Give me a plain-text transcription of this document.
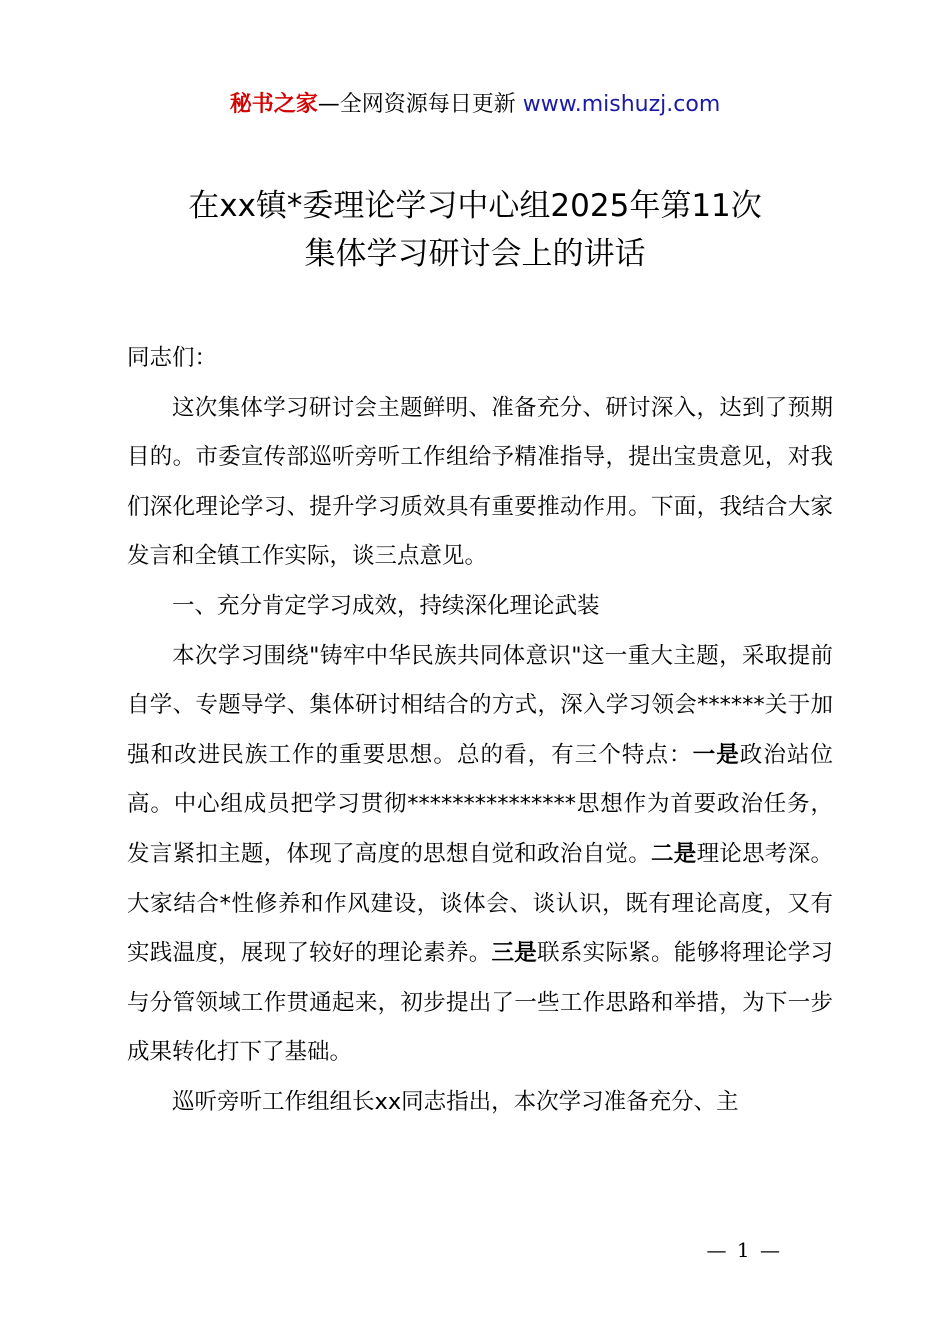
秘书之家—全网资源每日更新 www.mishuzj.com
在xx镇*委理论学习中心组2025年第11次
集体学习研讨会上的讲话

同志们：

这次集体学习研讨会主题鲜明、准备充分、研讨深入，达到了预期目的。市委宣传部巡听旁听工作组给予精准指导，提出宝贵意见，对我们深化理论学习、提升学习质效具有重要推动作用。下面，我结合大家发言和全镇工作实际，谈三点意见。

一、充分肯定学习成效，持续深化理论武装

本次学习围绕"铸牢中华民族共同体意识"这一重大主题，采取提前自学、专题导学、集体研讨相结合的方式，深入学习领会******关于加强和改进民族工作的重要思想。总的看，有三个特点：一是政治站位高。中心组成员把学习贯彻***************思想作为首要政治任务，发言紧扣主题，体现了高度的思想自觉和政治自觉。二是理论思考深。大家结合*性修养和作风建设，谈体会、谈认识，既有理论高度，又有实践温度，展现了较好的理论素养。三是联系实际紧。能够将理论学习与分管领域工作贯通起来，初步提出了一些工作思路和举措，为下一步成果转化打下了基础。

巡听旁听工作组组长xx同志指出，本次学习准备充分、主

— 1 —
